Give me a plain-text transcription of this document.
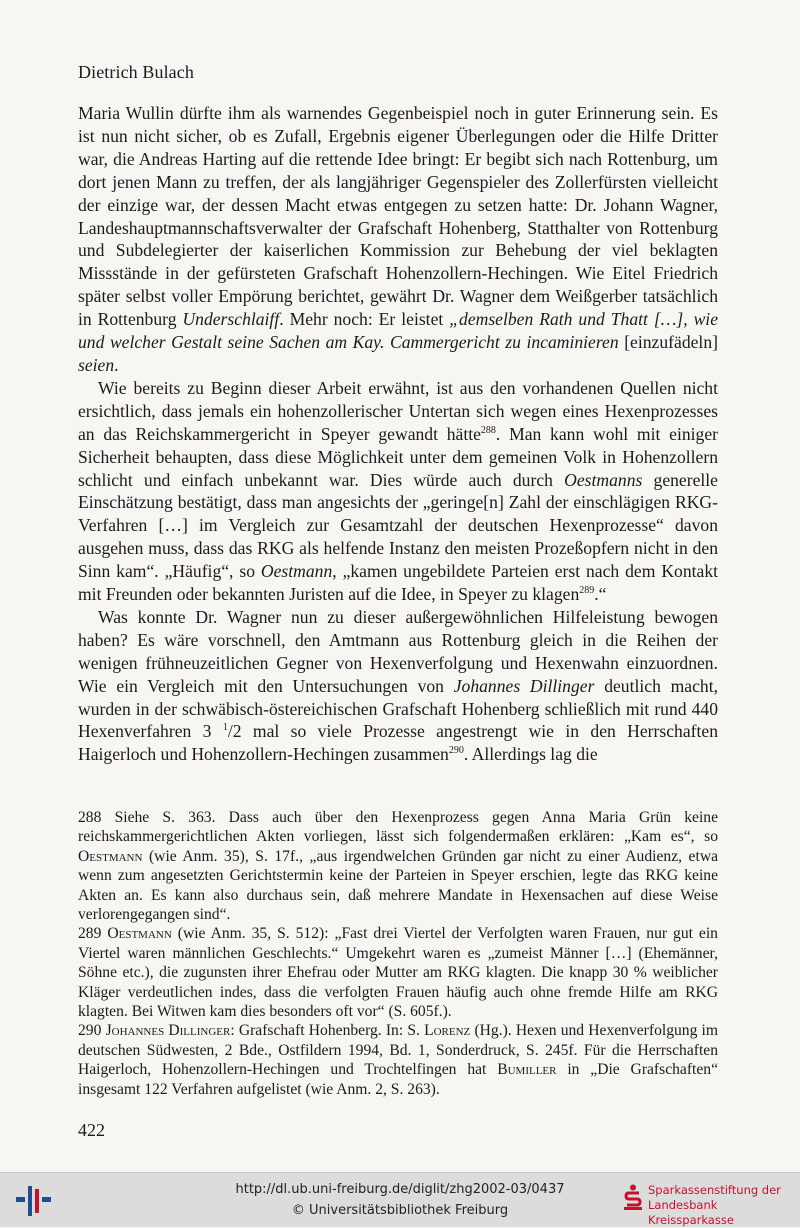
Dietrich Bulach

Maria Wullin dürfte ihm als warnendes Gegenbeispiel noch in guter Erinnerung sein. Es ist nun nicht sicher, ob es Zufall, Ergebnis eigener Überlegungen oder die Hilfe Dritter war, die Andreas Harting auf die rettende Idee bringt: Er begibt sich nach Rottenburg, um dort jenen Mann zu treffen, der als langjähriger Gegenspieler des Zollerfürsten vielleicht der einzige war, der dessen Macht etwas entgegen zu setzen hatte: Dr. Johann Wagner, Landeshauptmannschaftsverwalter der Grafschaft Hohenberg, Statthalter von Rottenburg und Subdelegierter der kaiserlichen Kommission zur Behebung der viel beklagten Missstände in der gefürsteten Grafschaft Hohenzollern-Hechingen. Wie Eitel Friedrich später selbst voller Empörung berichtet, gewährt Dr. Wagner dem Weißgerber tatsächlich in Rottenburg Underschlaiff. Mehr noch: Er leistet „demselben Rath und Thatt […], wie und welcher Gestalt seine Sachen am Kay. Cammergericht zu incaminieren [einzufädeln] seien.

Wie bereits zu Beginn dieser Arbeit erwähnt, ist aus den vorhandenen Quellen nicht ersichtlich, dass jemals ein hohenzollerischer Untertan sich wegen eines Hexenprozesses an das Reichskammergericht in Speyer gewandt hätte$^{288}$. Man kann wohl mit einiger Sicherheit behaupten, dass diese Möglichkeit unter dem gemeinen Volk in Hohenzollern schlicht und einfach unbekannt war. Dies würde auch durch Oestmanns generelle Einschätzung bestätigt, dass man angesichts der „geringe[n] Zahl der einschlägigen RKG-Verfahren […] im Vergleich zur Gesamtzahl der deutschen Hexenprozesse“ davon ausgehen muss, dass das RKG als helfende Instanz den meisten Prozeßopfern nicht in den Sinn kam“. „Häufig“, so Oestmann, „kamen ungebildete Parteien erst nach dem Kontakt mit Freunden oder bekannten Juristen auf die Idee, in Speyer zu klagen$^{289}$.“

Was konnte Dr. Wagner nun zu dieser außergewöhnlichen Hilfeleistung bewogen haben? Es wäre vorschnell, den Amtmann aus Rottenburg gleich in die Reihen der wenigen frühneuzeitlichen Gegner von Hexenverfolgung und Hexenwahn einzuordnen. Wie ein Vergleich mit den Untersuchungen von Johannes Dillinger deutlich macht, wurden in der schwäbisch-östereichischen Grafschaft Hohenberg schließlich mit rund 440 Hexenverfahren 3 $^1$/2 mal so viele Prozesse angestrengt wie in den Herrschaften Haigerloch und Hohenzollern-Hechingen zusammen$^{290}$. Allerdings lag die

288 Siehe S. 363. Dass auch über den Hexenprozess gegen Anna Maria Grün keine reichskammergerichtlichen Akten vorliegen, lässt sich folgendermaßen erklären: „Kam es“, so Oestmann (wie Anm. 35), S. 17f., „aus irgendwelchen Gründen gar nicht zu einer Audienz, etwa wenn zum angesetzten Gerichtstermin keine der Parteien in Speyer erschien, legte das RKG keine Akten an. Es kann also durchaus sein, daß mehrere Mandate in Hexensachen auf diese Weise verlorengegangen sind“.

289 Oestmann (wie Anm. 35, S. 512): „Fast drei Viertel der Verfolgten waren Frauen, nur gut ein Viertel waren männlichen Geschlechts.“ Umgekehrt waren es „zumeist Männer […] (Ehemänner, Söhne etc.), die zugunsten ihrer Ehefrau oder Mutter am RKG klagten. Die knapp 30 % weiblicher Kläger verdeutlichen indes, dass die verfolgten Frauen häufig auch ohne fremde Hilfe am RKG klagten. Bei Witwen kam dies besonders oft vor“ (S. 605f.).

290 Johannes Dillinger: Grafschaft Hohenberg. In: S. Lorenz (Hg.). Hexen und Hexenverfolgung im deutschen Südwesten, 2 Bde., Ostfildern 1994, Bd. 1, Sonderdruck, S. 245f. Für die Herrschaften Haigerloch, Hohenzollern-Hechingen und Trochtelfingen hat Bumiller in „Die Grafschaften“ insgesamt 122 Verfahren aufgelistet (wie Anm. 2, S. 263).

422
http://dl.ub.uni-freiburg.de/diglit/zhg2002-03/0437
© Universitätsbibliothek Freiburg
Sparkassenstiftung der
Landesbank Kreissparkasse
